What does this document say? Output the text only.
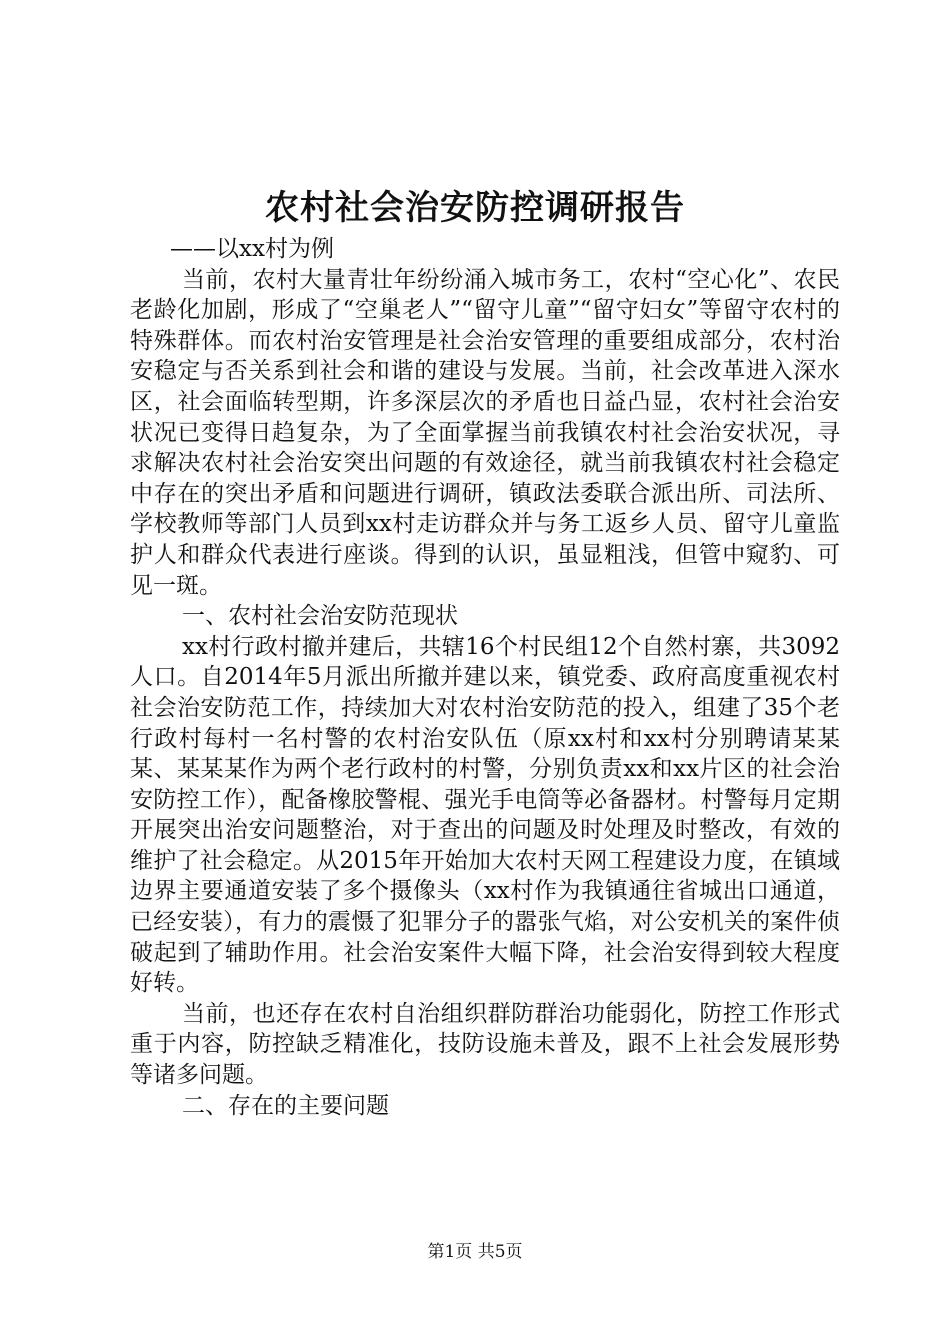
农村社会治安防控调研报告

——以xx村为例

当前，农村大量青壮年纷纷涌入城市务工，农村“空心化”、农民老龄化加剧，形成了“空巢老人”“留守儿童”“留守妇女”等留守农村的特殊群体。而农村治安管理是社会治安管理的重要组成部分，农村治安稳定与否关系到社会和谐的建设与发展。当前，社会改革进入深水区，社会面临转型期，许多深层次的矛盾也日益凸显，农村社会治安状况已变得日趋复杂，为了全面掌握当前我镇农村社会治安状况，寻求解决农村社会治安突出问题的有效途径，就当前我镇农村社会稳定中存在的突出矛盾和问题进行调研，镇政法委联合派出所、司法所、学校教师等部门人员到xx村走访群众并与务工返乡人员、留守儿童监护人和群众代表进行座谈。得到的认识，虽显粗浅，但管中窥豹、可见一斑。

一、农村社会治安防范现状

xx村行政村撤并建后，共辖16个村民组12个自然村寨，共3092人口。自2014年5月派出所撤并建以来，镇党委、政府高度重视农村社会治安防范工作，持续加大对农村治安防范的投入，组建了35个老行政村每村一名村警的农村治安队伍（原xx村和xx村分别聘请某某某、某某某作为两个老行政村的村警，分别负责xx和xx片区的社会治安防控工作），配备橡胶警棍、强光手电筒等必备器材。村警每月定期开展突出治安问题整治，对于查出的问题及时处理及时整改，有效的维护了社会稳定。从2015年开始加大农村天网工程建设力度，在镇域边界主要通道安装了多个摄像头（xx村作为我镇通往省城出口通道，已经安装），有力的震慑了犯罪分子的嚣张气焰，对公安机关的案件侦破起到了辅助作用。社会治安案件大幅下降，社会治安得到较大程度好转。

当前，也还存在农村自治组织群防群治功能弱化，防控工作形式重于内容，防控缺乏精准化，技防设施未普及，跟不上社会发展形势等诸多问题。

二、存在的主要问题

第1页 共5页
